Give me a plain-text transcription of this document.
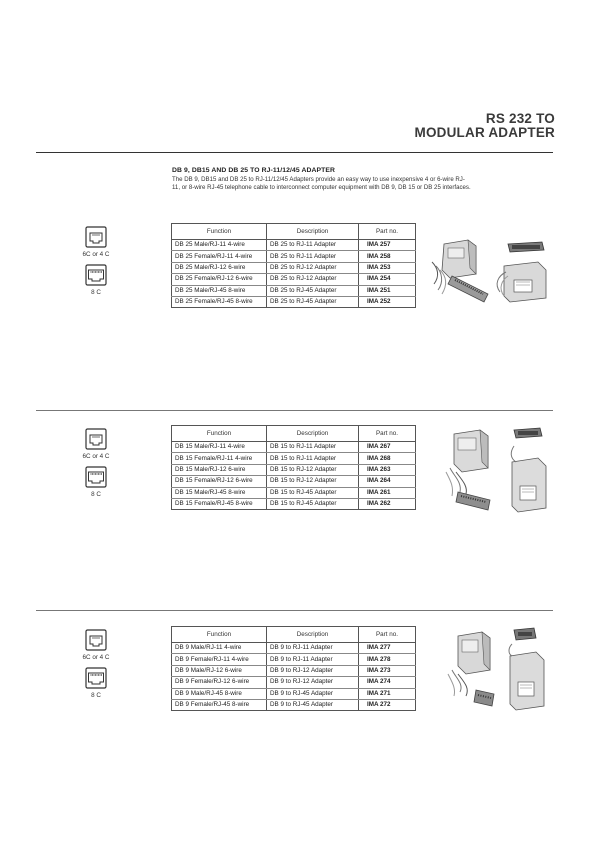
RS 232 TO
MODULAR ADAPTER
DB 9, DB15 AND DB 25 TO RJ-11/12/45 ADAPTER
The DB 9, DB15 and DB 25 to RJ-11/12/45 Adapters provide an easy way to use inexpensive 4 or 6-wire RJ-11, or 8-wire RJ-45 telephone cable to interconnect computer equipment with DB 9, DB 15 or DB 25 interfaces.
6C or 4 C
8 C
Function	Description	Part no.
DB 25 Male/RJ-11 4-wire	DB 25 to RJ-11 Adapter	IMA 257
DB 25 Female/RJ-11 4-wire	DB 25 to RJ-11 Adapter	IMA 258
DB 25 Male/RJ-12 6-wire	DB 25 to RJ-12 Adapter	IMA 253
DB 25 Female/RJ-12 6-wire	DB 25 to RJ-12 Adapter	IMA 254
DB 25 Male/RJ-45 8-wire	DB 25 to RJ-45 Adapter	IMA 251
DB 25 Female/RJ-45 8-wire	DB 25 to RJ-45 Adapter	IMA 252
6C or 4 C
8 C
Function	Description	Part no.
DB 15 Male/RJ-11 4-wire	DB 15 to RJ-11 Adapter	IMA 267
DB 15 Female/RJ-11 4-wire	DB 15 to RJ-11 Adapter	IMA 268
DB 15 Male/RJ-12 6-wire	DB 15 to RJ-12 Adapter	IMA 263
DB 15 Female/RJ-12 6-wire	DB 15 to RJ-12 Adapter	IMA 264
DB 15 Male/RJ-45 8-wire	DB 15 to RJ-45 Adapter	IMA 261
DB 15 Female/RJ-45 8-wire	DB 15 to RJ-45 Adapter	IMA 262
6C or 4 C
8 C
Function	Description	Part no.
DB 9 Male/RJ-11 4-wire	DB 9 to RJ-11 Adapter	IMA 277
DB 9 Female/RJ-11 4-wire	DB 9 to RJ-11 Adapter	IMA 278
DB 9 Male/RJ-12 6-wire	DB 9 to RJ-12 Adapter	IMA 273
DB 9 Female/RJ-12 6-wire	DB 9 to RJ-12 Adapter	IMA 274
DB 9 Male/RJ-45 8-wire	DB 9 to RJ-45 Adapter	IMA 271
DB 9 Female/RJ-45 8-wire	DB 9 to RJ-45 Adapter	IMA 272
